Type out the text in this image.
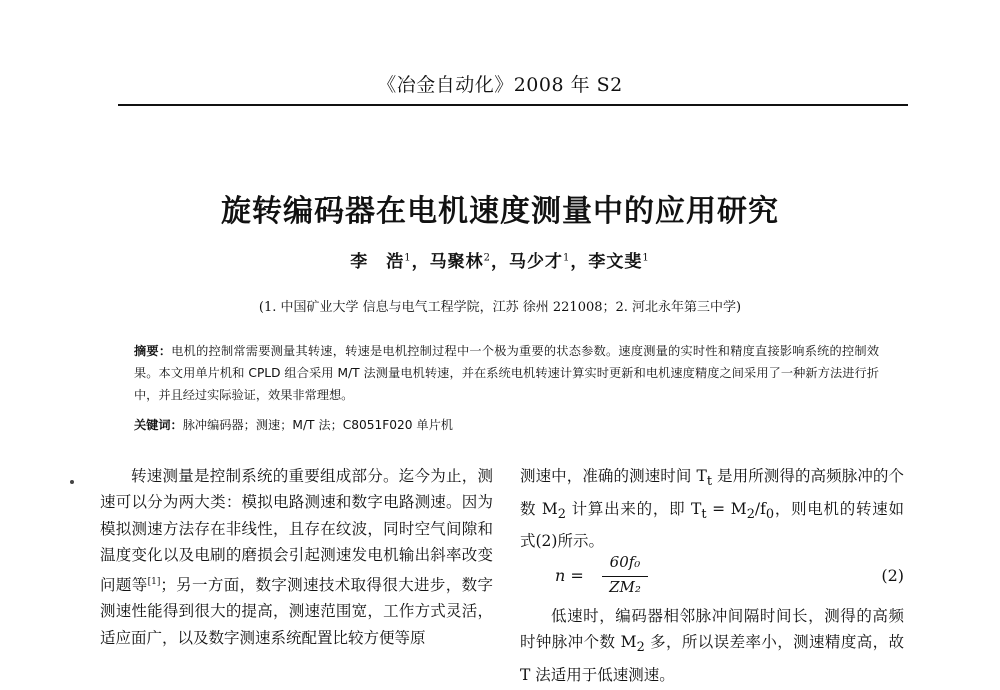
《冶金自动化》2008 年 S2
旋转编码器在电机速度测量中的应用研究
李　浩$^1$，马聚林$^2$，马少才$^1$，李文斐$^1$
(1. 中国矿业大学 信息与电气工程学院，江苏 徐州 221008；2. 河北永年第三中学)
摘要：电机的控制常需要测量其转速，转速是电机控制过程中一个极为重要的状态参数。速度测量的实时性和精度直接影响系统的控制效果。本文用单片机和 CPLD 组合采用 M/T 法测量电机转速，并在系统电机转速计算实时更新和电机速度精度之间采用了一种新方法进行折中，并且经过实际验证，效果非常理想。
关键词：脉冲编码器；测速；M/T 法；C8051F020 单片机
转速测量是控制系统的重要组成部分。迄今为止，测速可以分为两大类：模拟电路测速和数字电路测速。因为模拟测速方法存在非线性，且存在纹波，同时空气间隙和温度变化以及电刷的磨损会引起测速发电机输出斜率改变问题等[1]；另一方面，数字测速技术取得很大进步，数字测速性能得到很大的提高，测速范围宽，工作方式灵活，适应面广，以及数字测速系统配置比较方便等原
测速中，准确的测速时间 $T_t$ 是用所测得的高频脉冲的个数 $M_2$ 计算出来的，即 $T_t = M_2/f_0$，则电机的转速如式(2)所示。
n =
60f₀
ZM₂
(2)
低速时，编码器相邻脉冲间隔时间长，测得的高频时钟脉冲个数 $M_2$ 多，所以误差率小，测速精度高，故 T 法适用于低速测速。
